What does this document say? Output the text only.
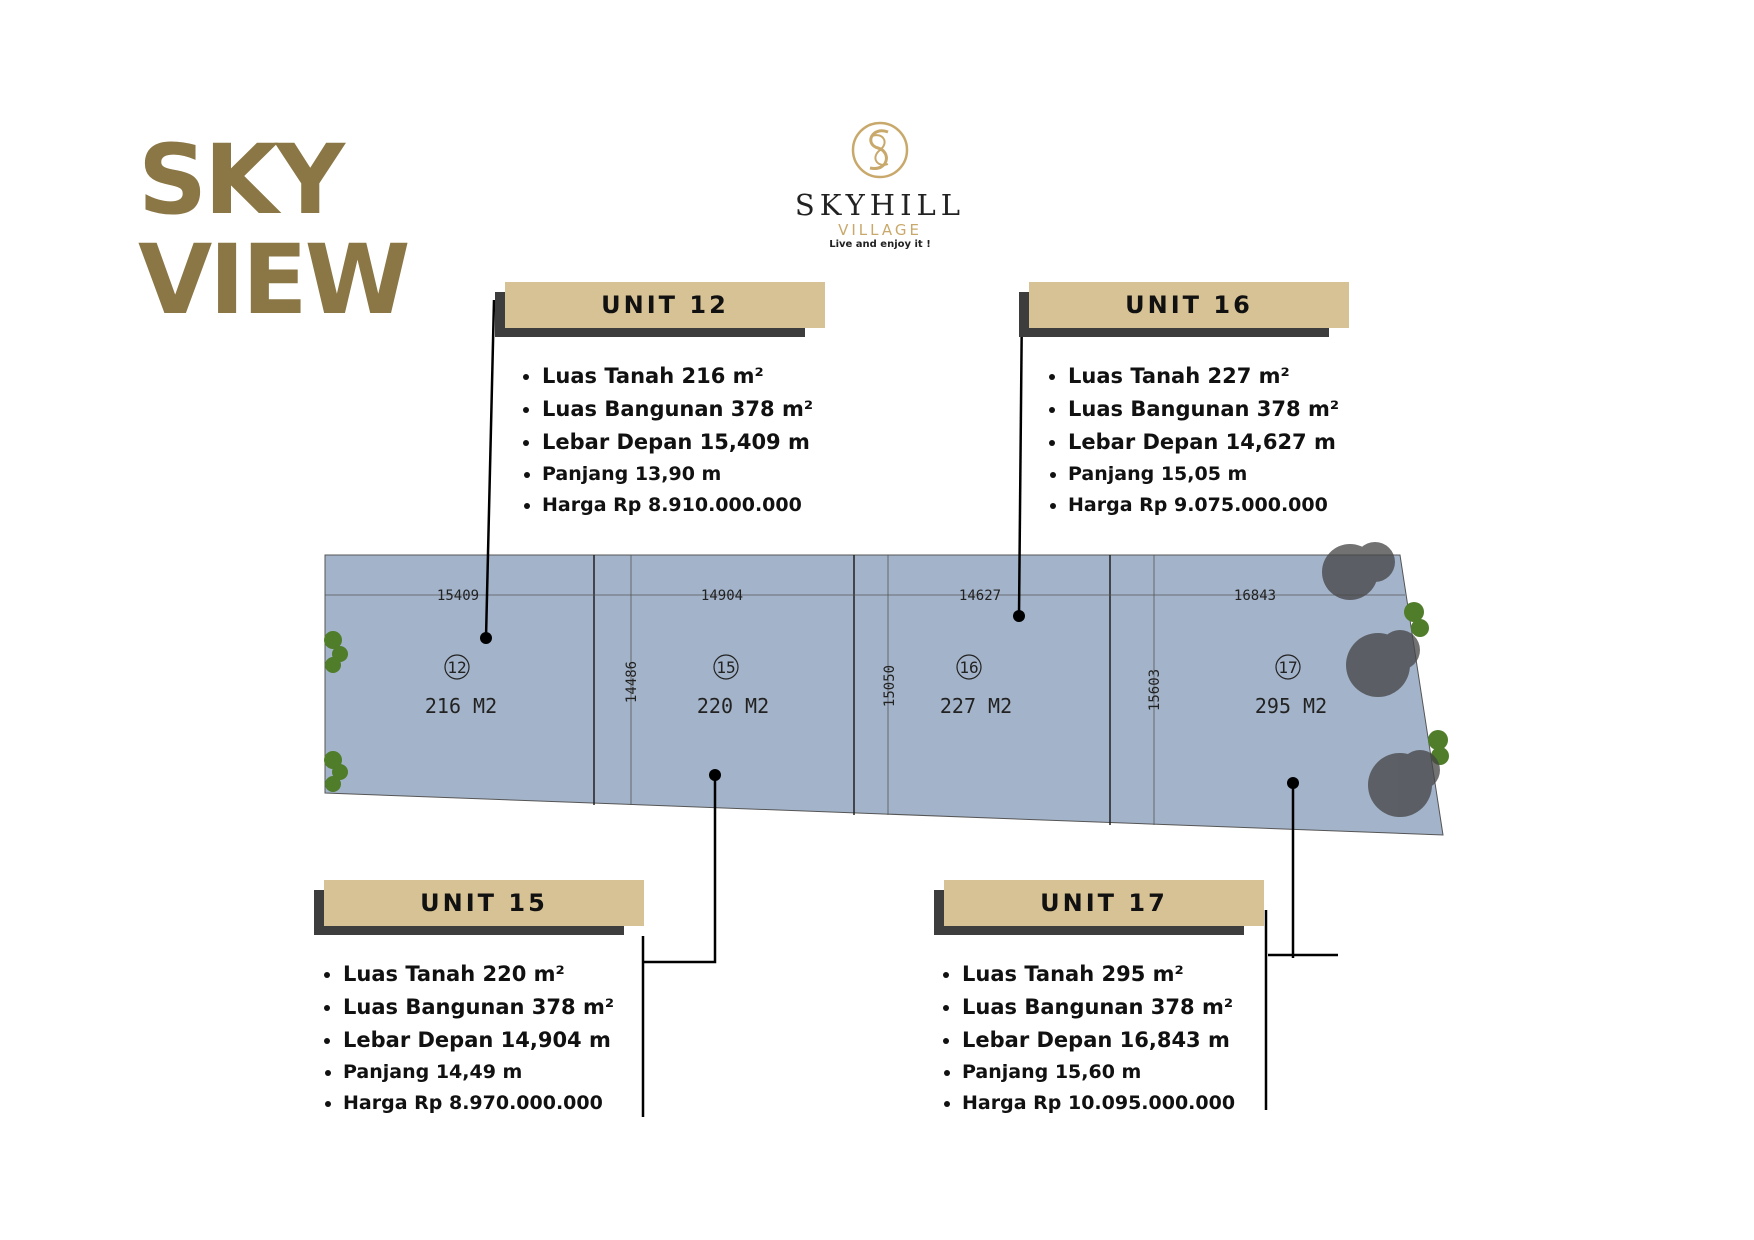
SKY
VIEW
SKYHILL
VILLAGE
Live and enjoy it !
15409	14904	14627	16843
14486	15050	15603
12	15	16	17
216 M2	220 M2	227 M2	295 M2
UNIT 12
• Luas Tanah 216 m²
• Luas Bangunan 378 m²
• Lebar Depan 15,409 m
• Panjang 13,90 m
• Harga Rp 8.910.000.000
UNIT 16
• Luas Tanah 227 m²
• Luas Bangunan 378 m²
• Lebar Depan 14,627 m
• Panjang 15,05 m
• Harga Rp 9.075.000.000
UNIT 15
• Luas Tanah 220 m²
• Luas Bangunan 378 m²
• Lebar Depan 14,904 m
• Panjang 14,49 m
• Harga Rp 8.970.000.000
UNIT 17
• Luas Tanah 295 m²
• Luas Bangunan 378 m²
• Lebar Depan 16,843 m
• Panjang 15,60 m
• Harga Rp 10.095.000.000
